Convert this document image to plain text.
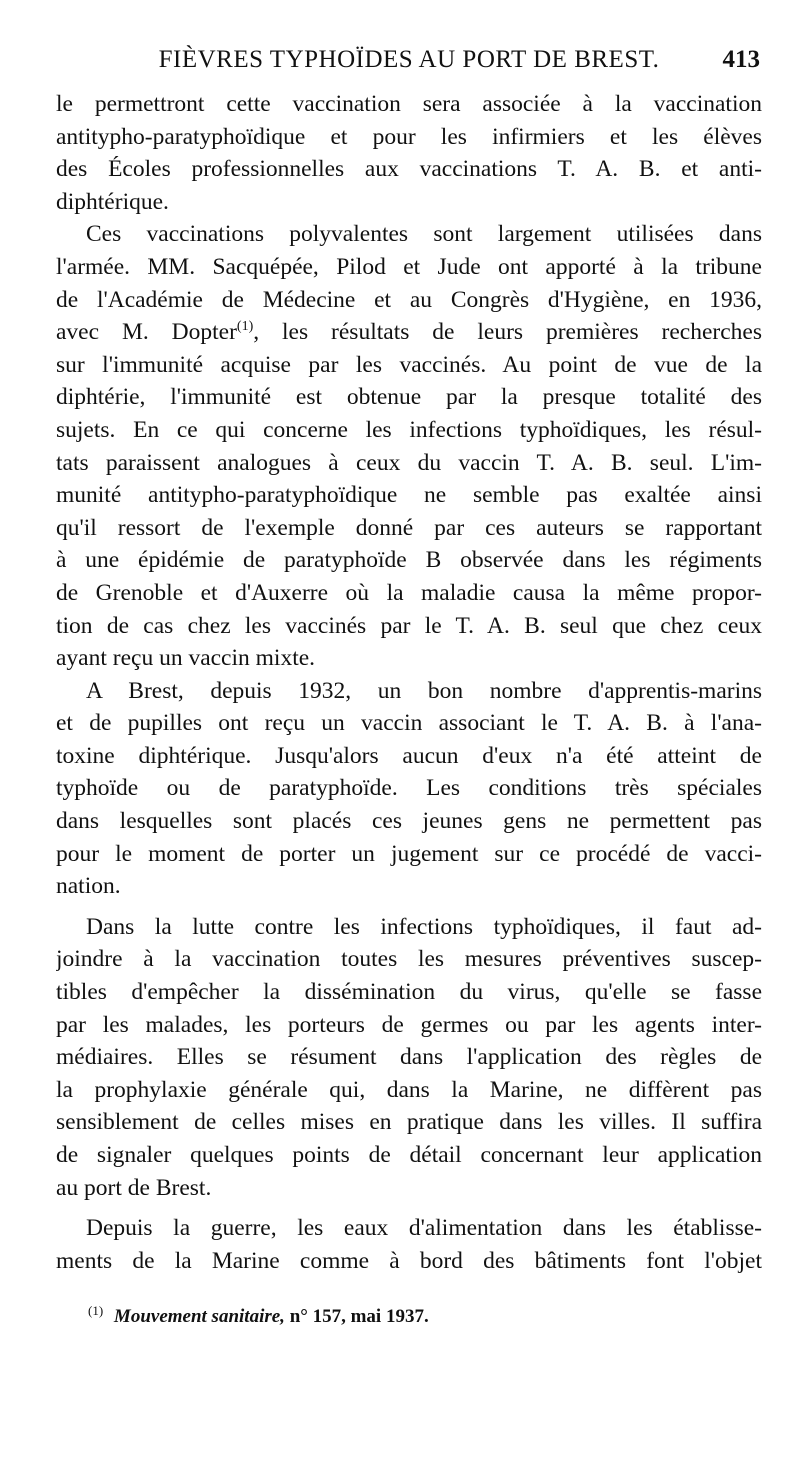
FIÈVRES TYPHOÏDES AU PORT DE BREST.	413
le permettront cette vaccination sera associée à la vaccination
antitypho-paratyphoïdique et pour les infirmiers et les élèves
des Écoles professionnelles aux vaccinations T. A. B. et anti-
diphtérique.
Ces vaccinations polyvalentes sont largement utilisées dans
l'armée. MM. Sacquépée, Pilod et Jude ont apporté à la tribune
de l'Académie de Médecine et au Congrès d'Hygiène, en 1936,
avec M. Dopter$^{(1)}$, les résultats de leurs premières recherches
sur l'immunité acquise par les vaccinés. Au point de vue de la
diphtérie, l'immunité est obtenue par la presque totalité des
sujets. En ce qui concerne les infections typhoïdiques, les résul-
tats paraissent analogues à ceux du vaccin T. A. B. seul. L'im-
munité antitypho-paratyphoïdique ne semble pas exaltée ainsi
qu'il ressort de l'exemple donné par ces auteurs se rapportant
à une épidémie de paratyphoïde B observée dans les régiments
de Grenoble et d'Auxerre où la maladie causa la même propor-
tion de cas chez les vaccinés par le T. A. B. seul que chez ceux
ayant reçu un vaccin mixte.
A Brest, depuis 1932, un bon nombre d'apprentis-marins
et de pupilles ont reçu un vaccin associant le T. A. B. à l'ana-
toxine diphtérique. Jusqu'alors aucun d'eux n'a été atteint de
typhoïde ou de paratyphoïde. Les conditions très spéciales
dans lesquelles sont placés ces jeunes gens ne permettent pas
pour le moment de porter un jugement sur ce procédé de vacci-
nation.
Dans la lutte contre les infections typhoïdiques, il faut ad-
joindre à la vaccination toutes les mesures préventives suscep-
tibles d'empêcher la dissémination du virus, qu'elle se fasse
par les malades, les porteurs de germes ou par les agents inter-
médiaires. Elles se résument dans l'application des règles de
la prophylaxie générale qui, dans la Marine, ne diffèrent pas
sensiblement de celles mises en pratique dans les villes. Il suffira
de signaler quelques points de détail concernant leur application
au port de Brest.
Depuis la guerre, les eaux d'alimentation dans les établisse-
ments de la Marine comme à bord des bâtiments font l'objet
$^{(1)}$ Mouvement sanitaire, n° 157, mai 1937.
